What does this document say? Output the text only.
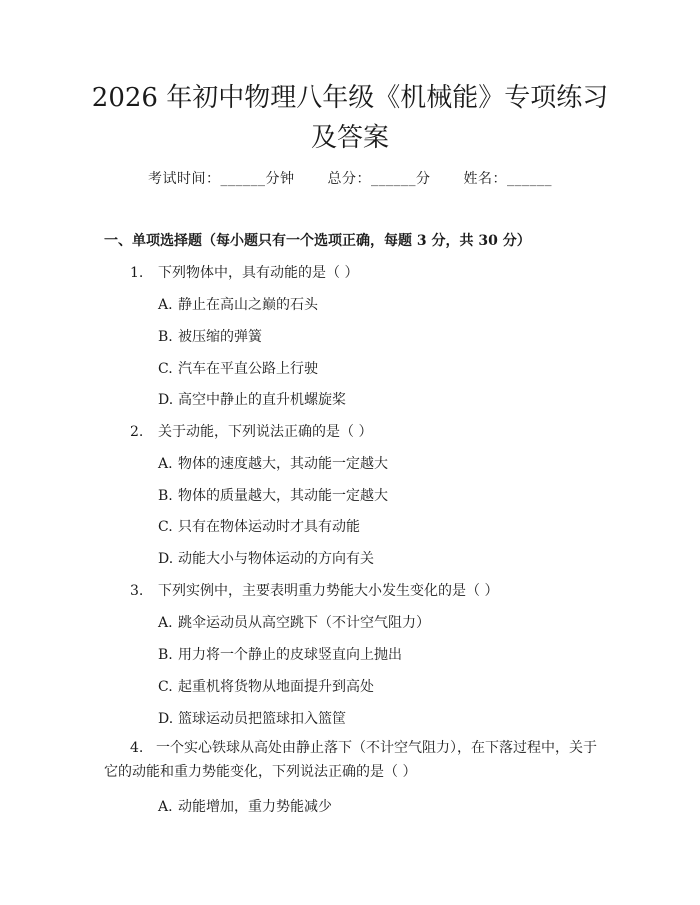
2026 年初中物理八年级《机械能》专项练习
及答案
考试时间：______分钟 总分：______分 姓名：______
一、单项选择题（每小题只有一个选项正确，每题 3 分，共 30 分）
1. 下列物体中，具有动能的是（ ）
A. 静止在高山之巅的石头
B. 被压缩的弹簧
C. 汽车在平直公路上行驶
D. 高空中静止的直升机螺旋桨
2. 关于动能，下列说法正确的是（ ）
A. 物体的速度越大，其动能一定越大
B. 物体的质量越大，其动能一定越大
C. 只有在物体运动时才具有动能
D. 动能大小与物体运动的方向有关
3. 下列实例中，主要表明重力势能大小发生变化的是（ ）
A. 跳伞运动员从高空跳下（不计空气阻力）
B. 用力将一个静止的皮球竖直向上抛出
C. 起重机将货物从地面提升到高处
D. 篮球运动员把篮球扣入篮筐
4. 一个实心铁球从高处由静止落下（不计空气阻力），在下落过程中，关于它的动能和重力势能变化，下列说法正确的是（ ）
A. 动能增加，重力势能减少
